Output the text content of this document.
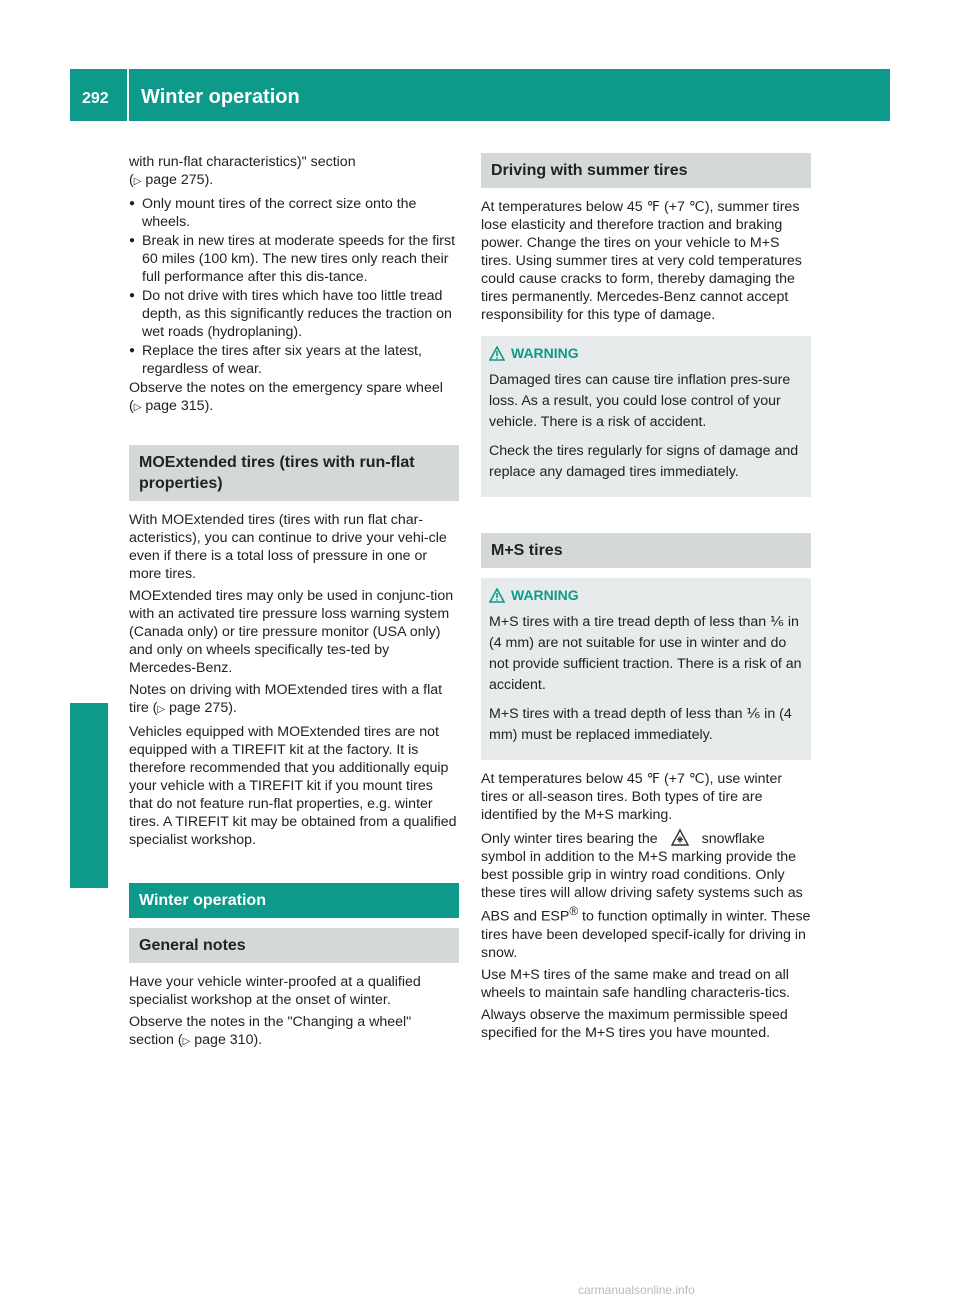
292 Winter operation

with run-flat characteristics)" section
(▷ page 275).

● Only mount tires of the correct size onto the wheels.
● Break in new tires at moderate speeds for the first 60 miles (100 km). The new tires only reach their full performance after this dis-tance.
● Do not drive with tires which have too little tread depth, as this significantly reduces the traction on wet roads (hydroplaning).
● Replace the tires after six years at the latest, regardless of wear.

Observe the notes on the emergency spare wheel (▷ page 315).

MOExtended tires (tires with run-flat properties)

With MOExtended tires (tires with run flat char-acteristics), you can continue to drive your vehi-cle even if there is a total loss of pressure in one or more tires.

MOExtended tires may only be used in conjunc-tion with an activated tire pressure loss warning system (Canada only) or tire pressure monitor (USA only) and only on wheels specifically tes-ted by Mercedes-Benz.

Notes on driving with MOExtended tires with a flat tire (▷ page 275).

Vehicles equipped with MOExtended tires are not equipped with a TIREFIT kit at the factory. It is therefore recommended that you additionally equip your vehicle with a TIREFIT kit if you mount tires that do not feature run-flat properties, e.g. winter tires. A TIREFIT kit may be obtained from a qualified specialist workshop.

Winter operation
General notes

Have your vehicle winter-proofed at a qualified specialist workshop at the onset of winter.

Observe the notes in the "Changing a wheel" section (▷ page 310).

Driving with summer tires

At temperatures below 45 ℉ (+7 ℃), summer tires lose elasticity and therefore traction and braking power. Change the tires on your vehicle to M+S tires. Using summer tires at very cold temperatures could cause cracks to form, thereby damaging the tires permanently. Mercedes-Benz cannot accept responsibility for this type of damage.

WARNING

Damaged tires can cause tire inflation pres-sure loss. As a result, you could lose control of your vehicle. There is a risk of accident.

Check the tires regularly for signs of damage and replace any damaged tires immediately.

M+S tires
WARNING

M+S tires with a tire tread depth of less than ⅙ in (4 mm) are not suitable for use in winter and do not provide sufficient traction. There is a risk of an accident.

M+S tires with a tread depth of less than ⅙ in (4 mm) must be replaced immediately.

At temperatures below 45 ℉ (+7 ℃), use winter tires or all-season tires. Both types of tire are identified by the M+S marking.

Only winter tires bearing the	snowflake symbol in addition to the M+S marking provide the best possible grip in wintry road conditions. Only these tires will allow driving safety systems such as ABS and ESP® to function optimally in winter. These tires have been developed specif-ically for driving in snow.

Use M+S tires of the same make and tread on all wheels to maintain safe handling characteris-tics.

Always observe the maximum permissible speed specified for the M+S tires you have mounted.

carmanualsonline.info
